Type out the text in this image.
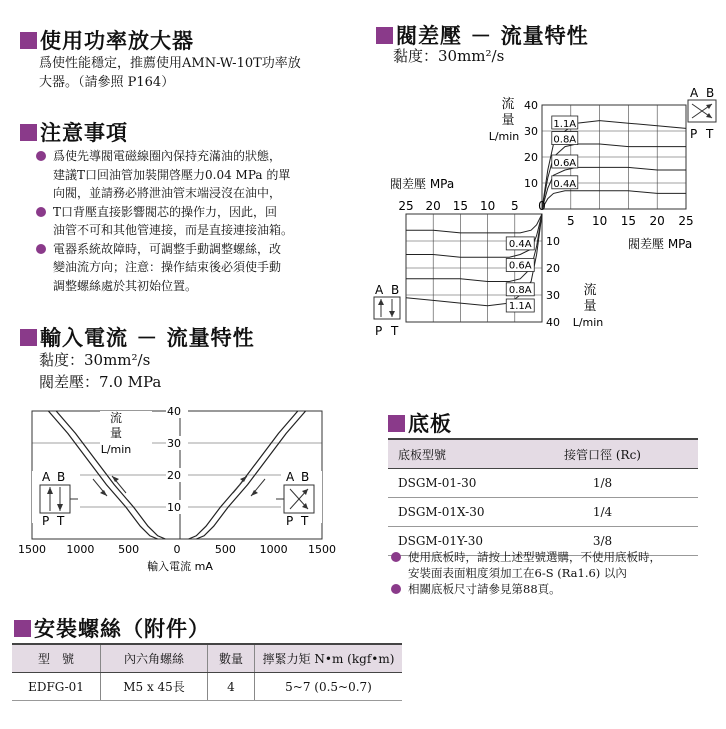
使用功率放大器
爲使性能穩定，推薦使用AMN-W-10T功率放
大器。（請參照 P164）
注意事項
爲使先導閥電磁線圈內保持充滿油的狀態，
建議T口回油管加裝開啓壓力0.04 MPa 的單
向閥，並請務必將泄油管末端浸沒在油中，
T口背壓直接影響閥芯的操作力，因此，回
油管不可和其他管連接，而是直接連接油箱。
電器系統故障時，可調整手動調整螺絲，改
變油流方向；注意：操作結束後必須使手動
調整螺絲處於其初始位置。
輸入電流 － 流量特性
黏度：30mm²/s
閥差壓：7.0 MPa
流
量
L/min
10
20
30
40
1500 1000 500	0	500 1000 1500
輸入電流 mA
A B
P T
A B
P T
安裝螺絲（附件）
型　號	內六角螺絲	數量	擰緊力矩 N•m (kgf•m)
EDFG-01	M5 x 45長	4	5~7 (0.5~0.7)
閥差壓 － 流量特性
黏度：30mm²/s
1.1A
0.8A
0.6A
0.4A
10
20
30
40
5 10 15 20 25
流
量
L/min
閥差壓 MPa
1.1A
0.8A
0.6A
0.4A 10
20
30
40
25 20 15 10 5 0
閥差壓 MPa
流
量
L/min
A B
P T
A B
P T
底板
底板型號	接管口徑 (Rc)
DSGM-01-30	1/8
DSGM-01X-30	1/4
DSGM-01Y-30	3/8
使用底板時，請按上述型號選購，不使用底板時，
安裝面表面粗度須加工在6-S (Ra1.6) 以內
相關底板尺寸請參見第88頁。
